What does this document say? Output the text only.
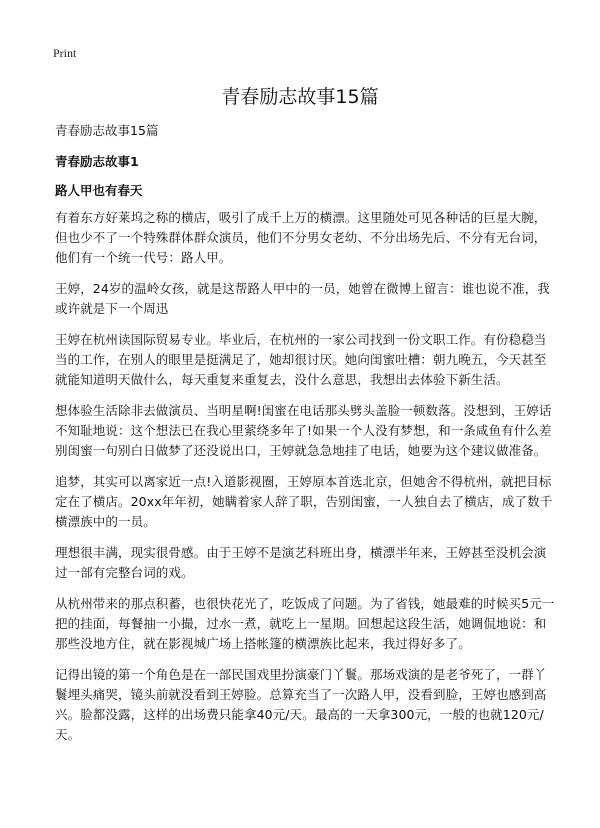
Print
青春励志故事15篇

青春励志故事15篇

青春励志故事1
路人甲也有春天

有着东方好莱坞之称的横店，吸引了成千上万的横漂。这里随处可见各种话的巨星大腕，但也少不了一个特殊群体群众演员，他们不分男女老幼、不分出场先后、不分有无台词，他们有一个统一代号：路人甲。

王婷，24岁的温岭女孩，就是这帮路人甲中的一员，她曾在微博上留言：谁也说不准，我或许就是下一个周迅

王婷在杭州读国际贸易专业。毕业后，在杭州的一家公司找到一份文职工作。有份稳稳当当的工作，在别人的眼里是挺满足了，她却很讨厌。她向闺蜜吐槽：朝九晚五，今天甚至就能知道明天做什么，每天重复来重复去，没什么意思，我想出去体验下新生活。

想体验生活除非去做演员、当明星啊!闺蜜在电话那头劈头盖脸一顿数落。没想到，王婷话不知耻地说：这个想法已在我心里萦绕多年了!如果一个人没有梦想，和一条咸鱼有什么差别闺蜜一句别白日做梦了还没说出口，王婷就急急地挂了电话，她要为这个建议做准备。

追梦，其实可以离家近一点!入道影视圈，王婷原本首选北京，但她舍不得杭州，就把目标定在了横店。20xx年年初，她瞒着家人辞了职，告别闺蜜，一人独自去了横店，成了数千横漂族中的一员。

理想很丰满，现实很骨感。由于王婷不是演艺科班出身，横漂半年来，王婷甚至没机会演过一部有完整台词的戏。

从杭州带来的那点积蓄，也很快花光了，吃饭成了问题。为了省钱，她最难的时候买5元一把的挂面，每餐抽一小撮，过水一煮，就吃上一星期。回想起这段生活，她调侃地说：和那些没地方住，就在影视城广场上搭帐篷的横漂族比起来，我过得好多了。

记得出镜的第一个角色是在一部民国戏里扮演豪门丫鬟。那场戏演的是老爷死了，一群丫鬟埋头痛哭，镜头前就没看到王婷脸。总算充当了一次路人甲，没看到脸，王婷也感到高兴。脸都没露，这样的出场费只能拿40元/天。最高的一天拿300元，一般的也就120元/天。
